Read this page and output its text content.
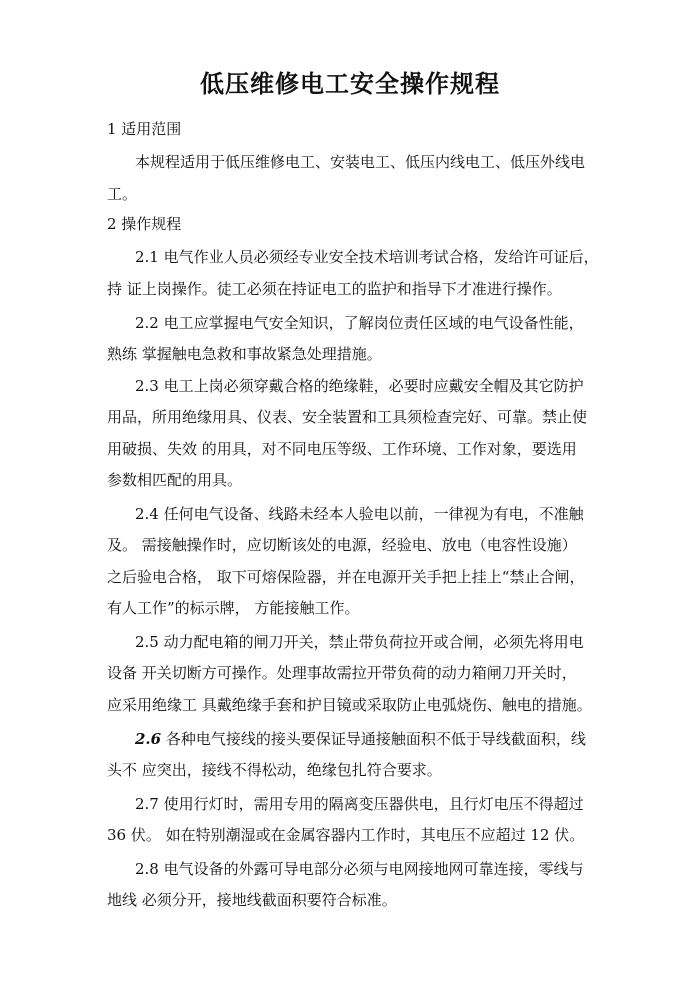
低压维修电工安全操作规程
1 适用范围
本规程适用于低压维修电工、安装电工、低压内线电工、低压外线电
工。
2 操作规程
2.1 电气作业人员必须经专业安全技术培训考试合格，发给许可证后，
持 证上岗操作。徒工必须在持证电工的监护和指导下才准进行操作。
2.2 电工应掌握电气安全知识，了解岗位责任区域的电气设备性能，
熟练 掌握触电急救和事故紧急处理措施。
2.3 电工上岗必须穿戴合格的绝缘鞋，必要时应戴安全帽及其它防护
用品，所用绝缘用具、仪表、安全装置和工具须检查完好、可靠。禁止使
用破损、失效 的用具，对不同电压等级、工作环境、工作对象，要选用
参数相匹配的用具。
2.4 任何电气设备、线路未经本人验电以前，一律视为有电，不准触
及。 需接触操作时，应切断该处的电源，经验电、放电（电容性设施）
之后验电合格， 取下可熔保险器，并在电源开关手把上挂上“禁止合闸，
有人工作”的标示牌， 方能接触工作。
2.5 动力配电箱的闸刀开关，禁止带负荷拉开或合闸，必须先将用电
设备 开关切断方可操作。处理事故需拉开带负荷的动力箱闸刀开关时，
应采用绝缘工 具戴绝缘手套和护目镜或采取防止电弧烧伤、触电的措施。
2.6 各种电气接线的接头要保证导通接触面积不低于导线截面积，线
头不 应突出，接线不得松动，绝缘包扎符合要求。
2.7 使用行灯时，需用专用的隔离变压器供电，且行灯电压不得超过
36 伏。 如在特别潮湿或在金属容器内工作时，其电压不应超过 12 伏。
2.8 电气设备的外露可导电部分必须与电网接地网可靠连接，零线与
地线 必须分开，接地线截面积要符合标准。
